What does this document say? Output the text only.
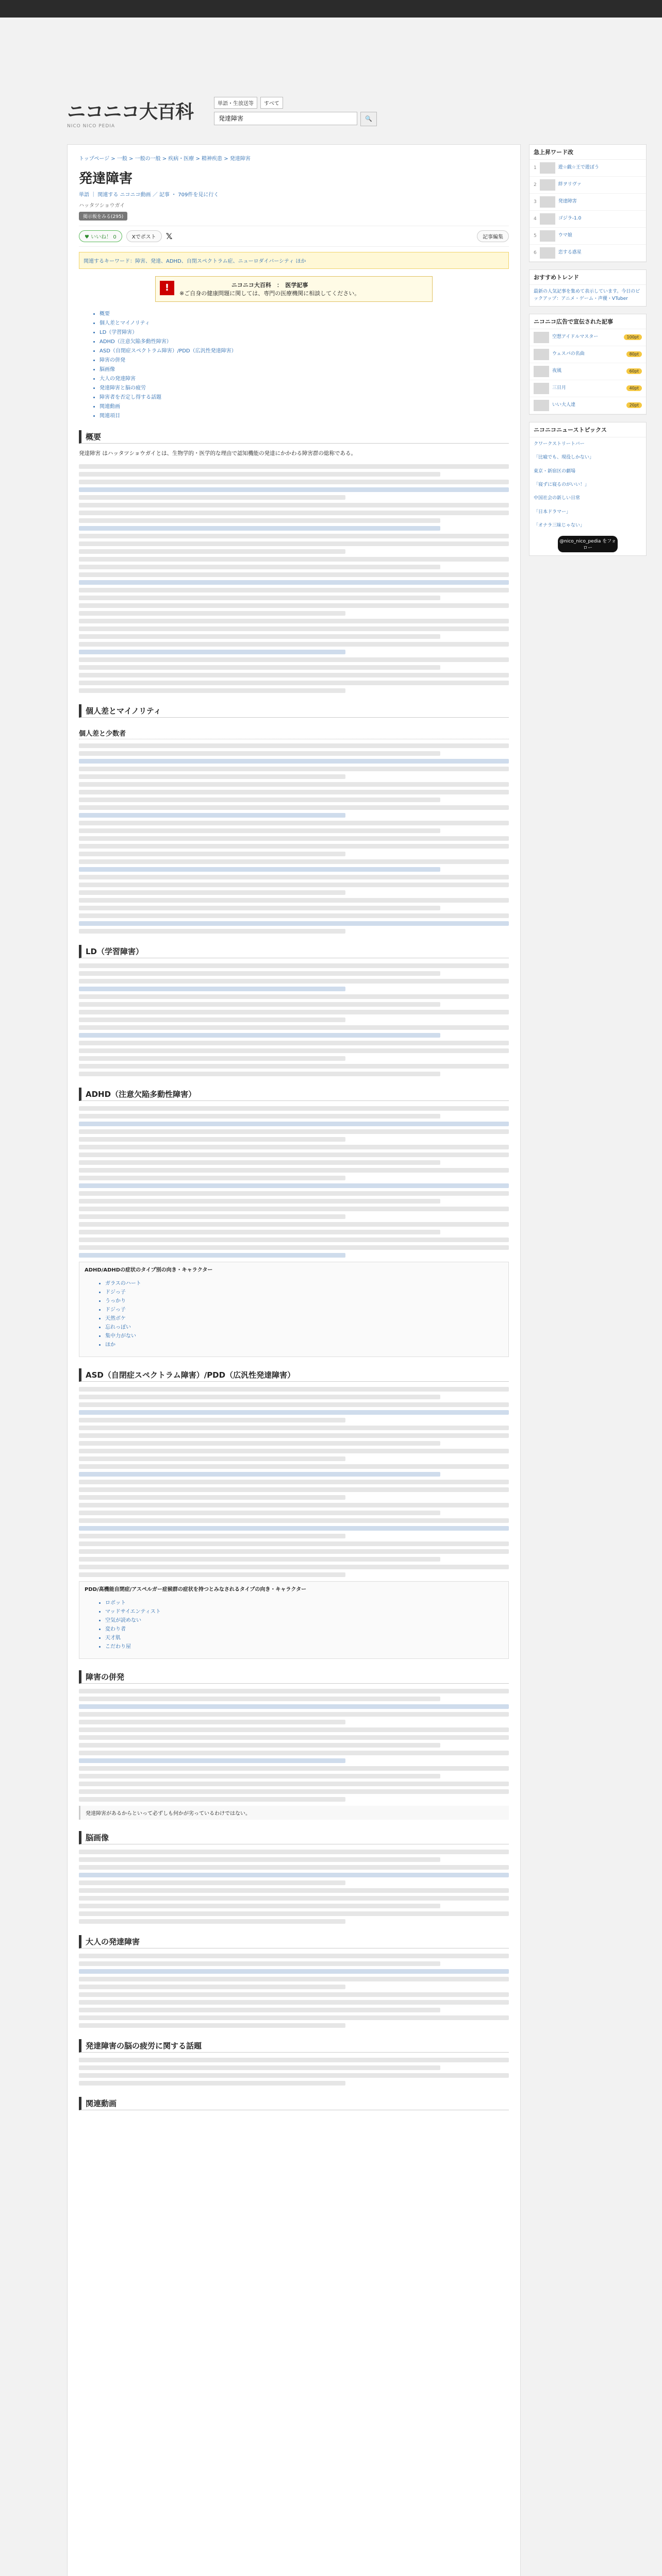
ニコニコ大百科
NICO NICO PEDIA
単語・生放送等	すべて
発達障害
🔍
トップページ > 一般 > 一般の一般 > 疾病・医療 > 精神疾患 > 発達障害
発達障害
単語 ｜ 関連する ニコニコ動画 ／ 記事 ・ 709件を見に行く
ハッタツショウガイ
掲示板をみる(295)
♥ いいね！ 0	Xでポスト	𝕏	記事編集
関連するキーワード：障害、発達、ADHD、自閉スペクトラム症、ニューロダイバーシティ ほか
!	ニコニコ大百科　：　医学記事
※ご自身の健康問題に関しては、専門の医療機関に相談してください。
• 概要
• 個人差とマイノリティ
• LD（学習障害）
• ADHD（注意欠陥多動性障害）
• ASD（自閉症スペクトラム障害）/PDD（広汎性発達障害）
• 障害の併発
• 脳画像
• 大人の発達障害
• 発達障害と脳の疲労
• 障害者を否定し得する話題
• 関連動画
• 関連項目
概要

発達障害 はハッタツショウガイとは、生物学的・医学的な理由で認知機能の発達にかかわる障害群の総称である。

個人差とマイノリティ
個人差と少数者
LD（学習障害）
ADHD（注意欠陥多動性障害）
ADHD/ADHDの症状のタイプ別の向き・キャラクター
• ガラスのハート
• ドジっ子
• うっかり
• ドジっ子
• 天然ボケ
• 忘れっぽい
• 集中力がない
• ほか
ASD（自閉症スペクトラム障害）/PDD（広汎性発達障害）
PDD/高機能自閉症/アスペルガー症候群の症状を持つとみなされるタイプの向き・キャラクター
• ロボット
• マッドサイエンティスト
• 空気が読めない
• 変わり者
• 天才肌
• こだわり屋
障害の併発
発達障害があるからといって必ずしも何かが劣っているわけではない。
脳画像
大人の発達障害
発達障害の脳の疲労に関する話題
関連動画
急上昇ワード改
1	遊☆戯☆王で遊ぼう
2	絆ヲリヴァ
3	発達障害
4	ゴジラ-1.0
5	ウマ娘
6	恋する惑星
おすすめトレンド
最新の人気記事を集めて表示しています。今日のピックアップ：アニメ・ゲーム・声優・VTuber
ニコニコ広告で宣伝された記事
空想アイドルマスター	100pt
ウェスパの名曲	80pt
夜風	60pt
三日月	40pt
いい大人達	20pt
ニコニコニューストピックス
クワークストリートバー
「比喩でも、現役しかない」
東京・新宿区の劇場
「寝ずに寝るのがいい！」
中国社会の新しい日常
「日本ドラマー」
「オナラ三昧じゃない」
@nico_nico_pedia をフォロー
